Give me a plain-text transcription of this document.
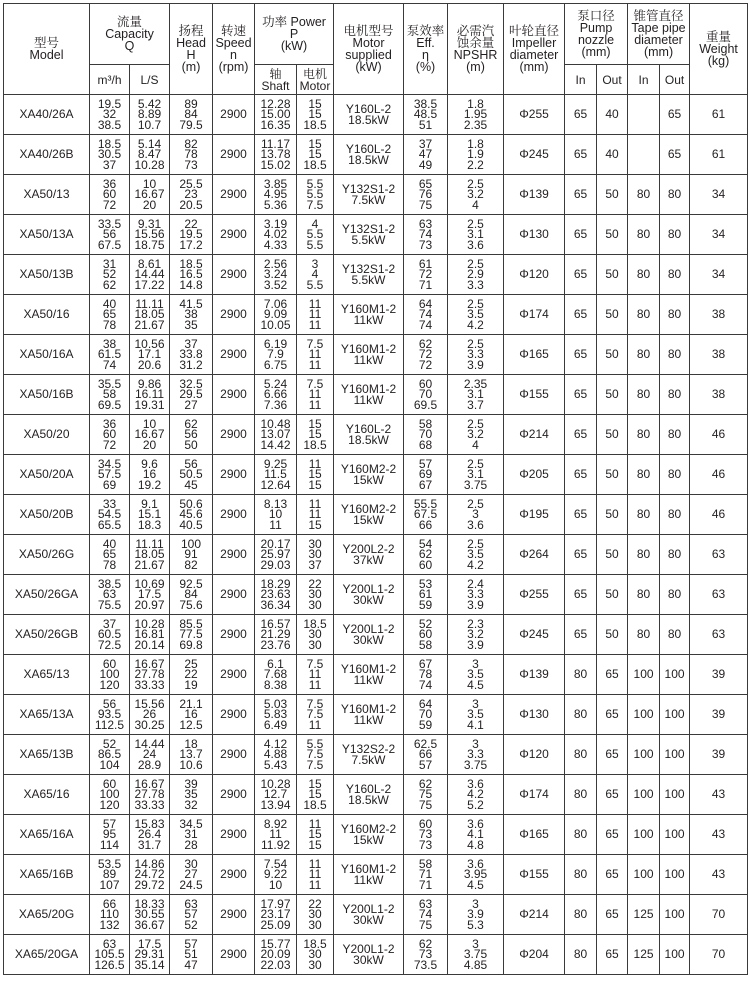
型号
Model	流量
Capacity
Q		扬程
Head
H
(m)	转速
Speed
n
(rpm)	功率 Power
P
(kW)		电机型号
Motor
supplied
(kW)	泵效率
Eff.
η
(%)	必需汽
蚀余量
NPSHR
(m)	叶轮直径
Impeller
diameter
(mm)	泵口径
Pump
nozzle
(mm)		锥管直径
Tape pipe
diameter
(mm)		重量
Weight
(kg)

	m³/h	L/S			轴
Shaft	电机
Motor					In	Out	In	Out	
XA40/26A	19.5
32
38.5	5.42
8.89
10.7	89
84
79.5	2900	12.28
15.00
16.35	15
15
18.5	Y160L-2
18.5kW	38.5
48.5
51	1.8
1.95
2.35	Φ255	65	40		65	61
XA40/26B	18.5
30.5
37	5.14
8.47
10.28	82
78
73	2900	11.17
13.78
15.02	15
15
18.5	Y160L-2
18.5kW	37
47
49	1.8
1.9
2.2	Φ245	65	40		65	61
XA50/13	36
60
72	10
16.67
20	25.5
23
20.5	2900	3.85
4.95
5.36	5.5
5.5
7.5	Y132S1-2
7.5kW	65
76
75	2.5
3.2
4	Φ139	65	50	80	80	34
XA50/13A	33.5
56
67.5	9.31
15.56
18.75	22
19.5
17.2	2900	3.19
4.02
4.33	4
5.5
5.5	Y132S1-2
5.5kW	63
74
73	2.5
3.1
3.6	Φ130	65	50	80	80	34
XA50/13B	31
52
62	8.61
14.44
17.22	18.5
16.5
14.8	2900	2.56
3.24
3.52	3
4
5.5	Y132S1-2
5.5kW	61
72
71	2.5
2.9
3.3	Φ120	65	50	80	80	34
XA50/16	40
65
78	11.11
18.05
21.67	41.5
38
35	2900	7.06
9.09
10.05	11
11
11	Y160M1-2
11kW	64
74
74	2.5
3.5
4.2	Φ174	65	50	80	80	38
XA50/16A	38
61.5
74	10.56
17.1
20.6	37
33.8
31.2	2900	6.19
7.9
6.75	7.5
11
11	Y160M1-2
11kW	62
72
72	2.5
3.3
3.9	Φ165	65	50	80	80	38
XA50/16B	35.5
58
69.5	9.86
16.11
19.31	32.5
29.5
27	2900	5.24
6.66
7.36	7.5
11
11	Y160M1-2
11kW	60
70
69.5	2.35
3.1
3.7	Φ155	65	50	80	80	38
XA50/20	36
60
72	10
16.67
20	62
56
50	2900	10.48
13.07
14.42	15
15
18.5	Y160L-2
18.5kW	58
70
68	2.5
3.2
4	Φ214	65	50	80	80	46
XA50/20A	34.5
57.5
69	9.6
16
19.2	56
50.5
45	2900	9.25
11.5
12.64	11
15
15	Y160M2-2
15kW	57
69
67	2.5
3.1
3.75	Φ205	65	50	80	80	46
XA50/20B	33
54.5
65.5	9.1
15.1
18.3	50.6
45.6
40.5	2900	8.13
10
11	11
11
15	Y160M2-2
15kW	55.5
67.5
66	2.5
3
3.6	Φ195	65	50	80	80	46
XA50/26G	40
65
78	11.11
18.05
21.67	100
91
82	2900	20.17
25.97
29.03	30
30
37	Y200L2-2
37kW	54
62
60	2.5
3.5
4.2	Φ264	65	50	80	80	63
XA50/26GA	38.5
63
75.5	10.69
17.5
20.97	92.5
84
75.6	2900	18.29
23.63
36.34	22
30
30	Y200L1-2
30kW	53
61
59	2.4
3.3
3.9	Φ255	65	50	80	80	63
XA50/26GB	37
60.5
72.5	10.28
16.81
20.14	85.5
77.5
69.8	2900	16.57
21.29
23.76	18.5
30
30	Y200L1-2
30kW	52
60
58	2.3
3.2
3.9	Φ245	65	50	80	80	63
XA65/13	60
100
120	16.67
27.78
33.33	25
22
19	2900	6.1
7.68
8.38	7.5
11
11	Y160M1-2
11kW	67
78
74	3
3.5
4.5	Φ139	80	65	100	100	39
XA65/13A	56
93.5
112.5	15.56
26
30.25	21.1
16
12.5	2900	5.03
5.83
6.49	7.5
7.5
11	Y160M1-2
11kW	64
70
59	3
3.5
4.1	Φ130	80	65	100	100	39
XA65/13B	52
86.5
104	14.44
24
28.9	18
13.7
10.6	2900	4.12
4.88
5.43	5.5
7.5
7.5	Y132S2-2
7.5kW	62.5
66
57	3
3.3
3.75	Φ120	80	65	100	100	39
XA65/16	60
100
120	16.67
27.78
33.33	39
35
32	2900	10.28
12.7
13.94	15
15
18.5	Y160L-2
18.5kW	62
75
75	3.6
4.2
5.2	Φ174	80	65	100	100	43
XA65/16A	57
95
114	15.83
26.4
31.7	34.5
31
28	2900	8.92
11
11.92	11
15
15	Y160M2-2
15kW	60
73
73	3.6
4.1
4.8	Φ165	80	65	100	100	43
XA65/16B	53.5
89
107	14.86
24.72
29.72	30
27
24.5	2900	7.54
9.22
10	11
11
11	Y160M1-2
11kW	58
71
71	3.6
3.95
4.5	Φ155	80	65	100	100	43
XA65/20G	66
110
132	18.33
30.55
36.67	63
57
52	2900	17.97
23.17
25.09	22
30
30	Y200L1-2
30kW	63
74
75	3
3.9
5.3	Φ214	80	65	125	100	70
XA65/20GA	63
105.5
126.5	17.5
29.31
35.14	57
51
47	2900	15.77
20.09
22.03	18.5
30
30	Y200L1-2
30kW	62
73
73.5	3
3.75
4.85	Φ204	80	65	125	100	70
